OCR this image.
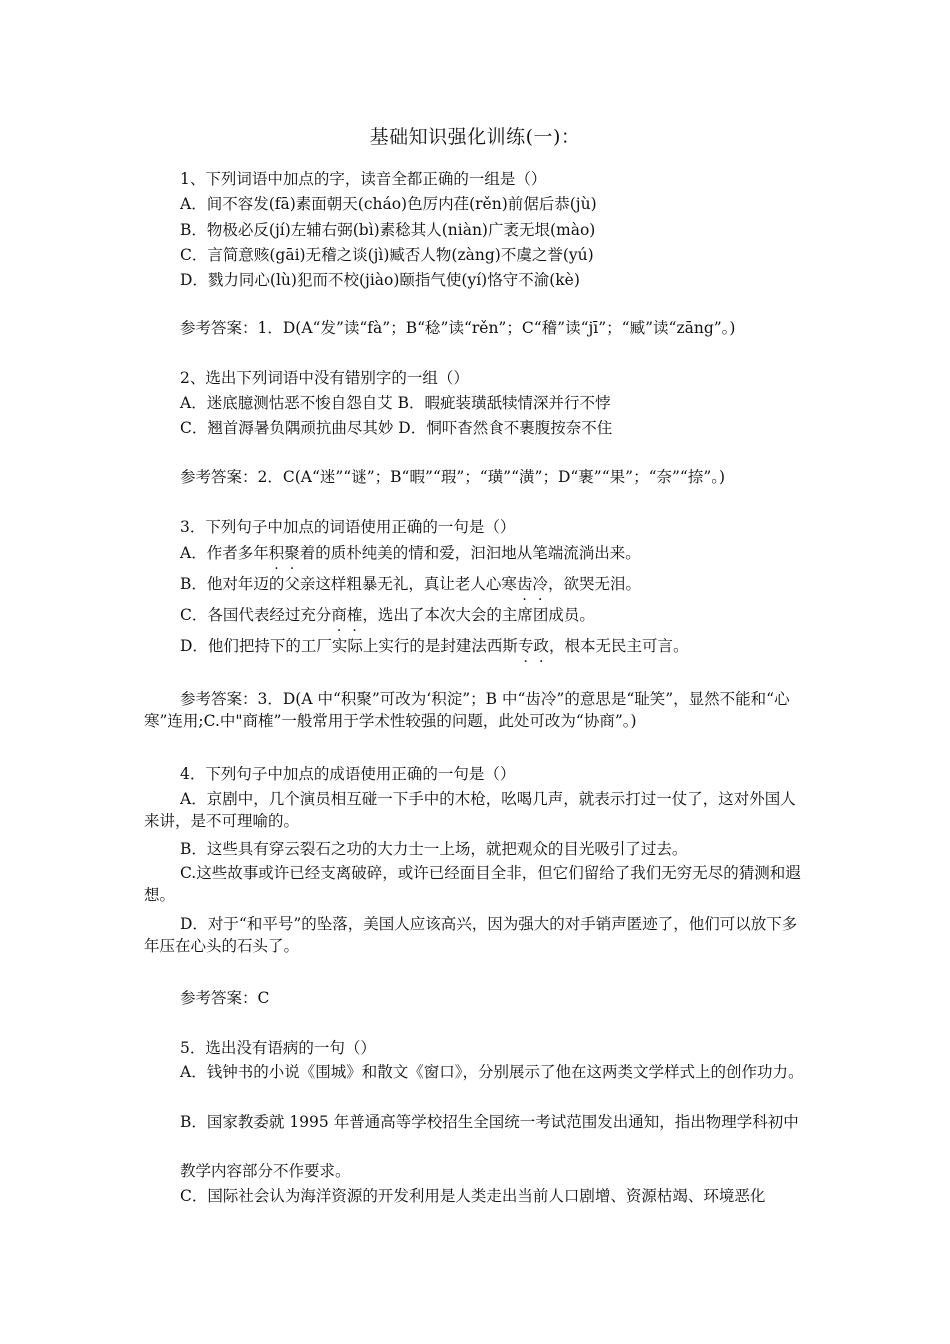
基础知识强化训练(一)：
1、下列词语中加点的字，读音全都正确的一组是（）
A．间不容发(fā)素面朝天(cháo)色厉内荏(rěn)前倨后恭(jù)
B．物极必反(jí)左辅右弼(bì)素稔其人(niàn)广袤无垠(mào)
C．言简意赅(gāi)无稽之谈(jì)臧否人物(zàng)不虞之誉(yú)
D．戮力同心(lù)犯而不校(jiào)颐指气使(yí)恪守不渝(kè)
参考答案：1．D(A“发”读“fà”；B“稔”读“rěn”；C“稽”读“jī”；“臧”读“zāng”。)
2、选出下列词语中没有错别字的一组（）
A．迷底臆测怙恶不悛自怨自艾 B．暇疵装璜舐犊情深并行不悖
C．翘首溽暑负隅顽抗曲尽其妙 D．恫吓杳然食不裹腹按奈不住
参考答案：2．C(A“迷”“谜”；B“暇”“瑕”；“璜”“潢”；D“裹”“果”；“奈”“捺”。)
3．下列句子中加点的词语使用正确的一句是（）
A．作者多年积聚着的质朴纯美的情和爱，汩汩地从笔端流淌出来。
B．他对年迈的父亲这样粗暴无礼，真让老人心寒齿冷，欲哭无泪。
C．各国代表经过充分商榷，选出了本次大会的主席团成员。
D．他们把持下的工厂实际上实行的是封建法西斯专政，根本无民主可言。
参考答案：3．D(A 中“积聚”可改为‘积淀”；B 中“齿冷”的意思是“耻笑”，显然不能和“心寒”连用;C.中"商榷”一般常用于学术性较强的问题，此处可改为“协商”。)
4．下列句子中加点的成语使用正确的一句是（）
A．京剧中，几个演员相互碰一下手中的木枪，吆喝几声，就表示打过一仗了，这对外国人来讲，是不可理喻的。
B．这些具有穿云裂石之功的大力士一上场，就把观众的目光吸引了过去。
C.这些故事或许已经支离破碎，或许已经面目全非，但它们留给了我们无穷无尽的猜测和遐想。
D．对于“和平号”的坠落，美国人应该高兴，因为强大的对手销声匿迹了，他们可以放下多年压在心头的石头了。
参考答案：C
5．选出没有语病的一句（）
A．钱钟书的小说《围城》和散文《窗口》，分别展示了他在这两类文学样式上的创作功力。
B．国家教委就 1995 年普通高等学校招生全国统一考试范围发出通知，指出物理学科初中
教学内容部分不作要求。
C．国际社会认为海洋资源的开发利用是人类走出当前人口剧增、资源枯竭、环境恶化
